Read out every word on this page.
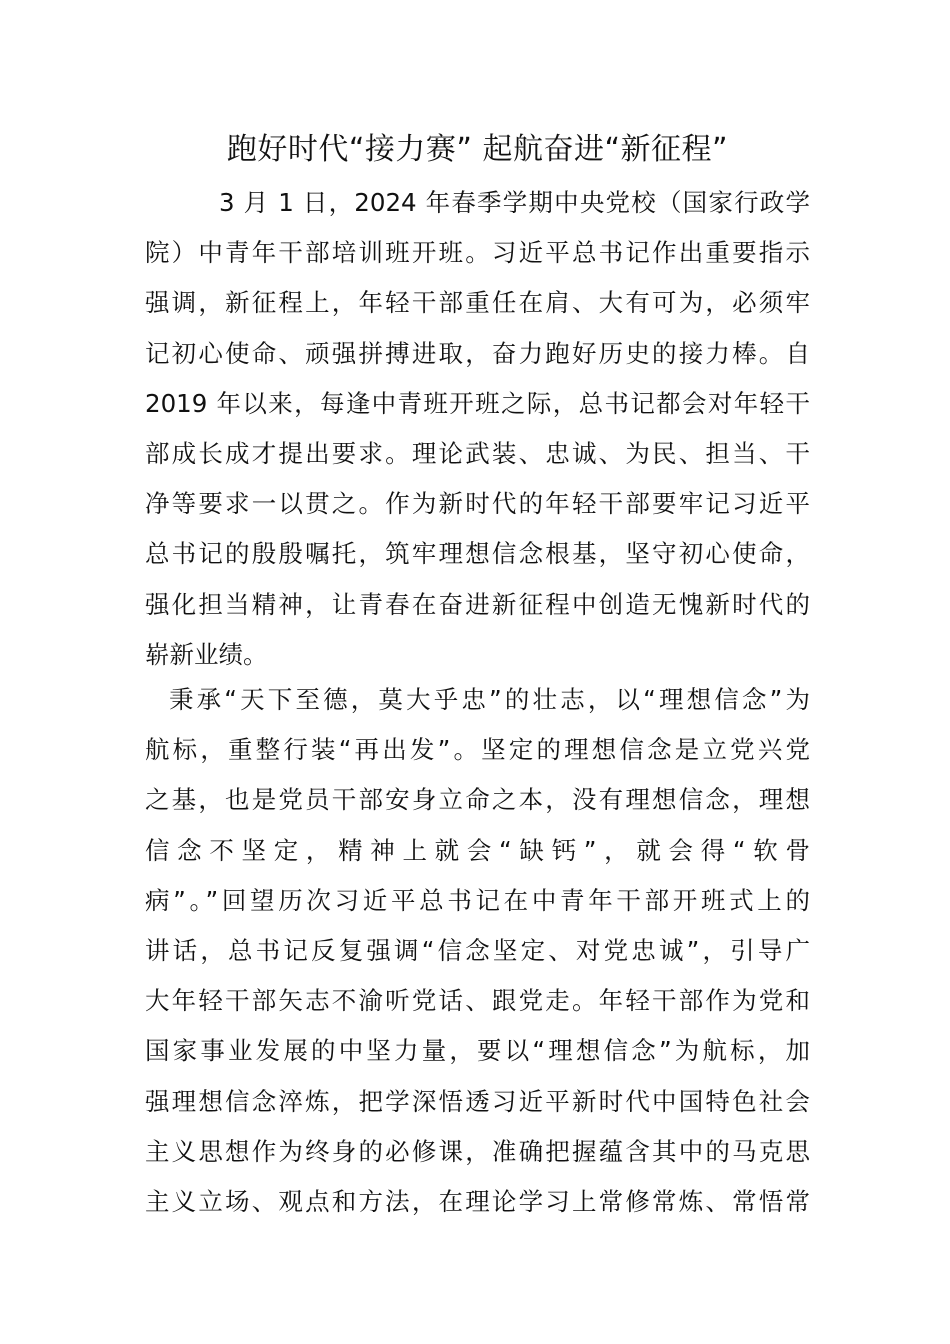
跑好时代“接力赛” 起航奋进“新征程”

3 月 1 日，2024 年春季学期中央党校（国家行政学
院）中青年干部培训班开班。习近平总书记作出重要指示
强调，新征程上，年轻干部重任在肩、大有可为，必须牢
记初心使命、顽强拼搏进取，奋力跑好历史的接力棒。自
2019 年以来，每逢中青班开班之际，总书记都会对年轻干
部成长成才提出要求。理论武装、忠诚、为民、担当、干
净等要求一以贯之。作为新时代的年轻干部要牢记习近平
总书记的殷殷嘱托，筑牢理想信念根基，坚守初心使命，
强化担当精神，让青春在奋进新征程中创造无愧新时代的
崭新业绩。

秉承“天下至德，莫大乎忠”的壮志，以“理想信念”为
航标，重整行装“再出发”。坚定的理想信念是立党兴党
之基，也是党员干部安身立命之本，没有理想信念，理想
信念不坚定，精神上就会“缺钙”，就会得“软骨
病”。”回望历次习近平总书记在中青年干部开班式上的
讲话，总书记反复强调“信念坚定、对党忠诚”，引导广
大年轻干部矢志不渝听党话、跟党走。年轻干部作为党和
国家事业发展的中坚力量，要以“理想信念”为航标，加
强理想信念淬炼，把学深悟透习近平新时代中国特色社会
主义思想作为终身的必修课，准确把握蕴含其中的马克思
主义立场、观点和方法，在理论学习上常修常炼、常悟常
